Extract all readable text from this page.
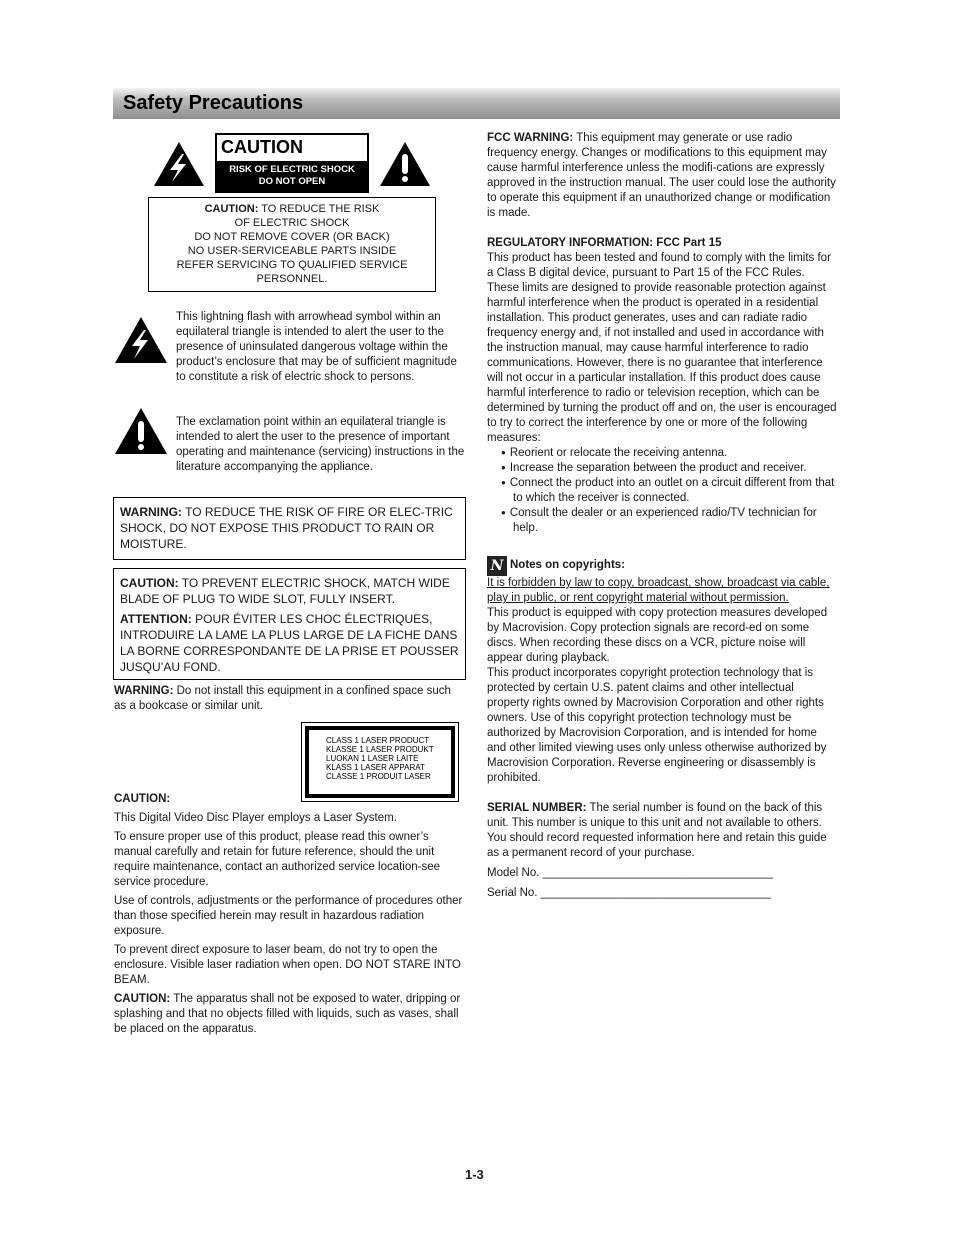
Safety Precautions
CAUTION
RISK OF ELECTRIC SHOCK
DO NOT OPEN
CAUTION: TO REDUCE THE RISK
OF ELECTRIC SHOCK
DO NOT REMOVE COVER (OR BACK)
NO USER-SERVICEABLE PARTS INSIDE
REFER SERVICING TO QUALIFIED SERVICE
PERSONNEL.

This lightning flash with arrowhead symbol within an equilateral triangle is intended to alert the user to the presence of uninsulated dangerous voltage within the product’s enclosure that may be of sufficient magnitude to constitute a risk of electric shock to persons.

The exclamation point within an equilateral triangle is intended to alert the user to the presence of important operating and maintenance (servicing) instructions in the literature accompanying the appliance.

WARNING: TO REDUCE THE RISK OF FIRE OR ELEC-TRIC SHOCK, DO NOT EXPOSE THIS PRODUCT TO RAIN OR MOISTURE.

CAUTION: TO PREVENT ELECTRIC SHOCK, MATCH WIDE BLADE OF PLUG TO WIDE SLOT, FULLY INSERT.

ATTENTION: POUR ÉVITER LES CHOC ÉLECTRIQUES, INTRODUIRE LA LAME LA PLUS LARGE DE LA FICHE DANS LA BORNE CORRESPONDANTE DE LA PRISE ET POUSSER JUSQU’AU FOND.

WARNING: Do not install this equipment in a confined space such as a bookcase or similar unit.

CLASS 1 LASER PRODUCT
KLASSE 1 LASER PRODUKT
LUOKAN 1 LASER LAITE
KLASS 1 LASER APPARAT
CLASSE 1 PRODUIT LASER

CAUTION:

This Digital Video Disc Player employs a Laser System.

To ensure proper use of this product, please read this owner’s manual carefully and retain for future reference, should the unit require maintenance, contact an authorized service location-see service procedure.

Use of controls, adjustments or the performance of procedures other than those specified herein may result in hazardous radiation exposure.

To prevent direct exposure to laser beam, do not try to open the enclosure. Visible laser radiation when open. DO NOT STARE INTO BEAM.

CAUTION: The apparatus shall not be exposed to water, dripping or splashing and that no objects filled with liquids, such as vases, shall be placed on the apparatus.

FCC WARNING: This equipment may generate or use radio frequency energy. Changes or modifications to this equipment may cause harmful interference unless the modifi-cations are expressly approved in the instruction manual. The user could lose the authority to operate this equipment if an unauthorized change or modification is made.

REGULATORY INFORMATION: FCC Part 15

This product has been tested and found to comply with the limits for a Class B digital device, pursuant to Part 15 of the FCC Rules. These limits are designed to provide reasonable protection against harmful interference when the product is operated in a residential installation. This product generates, uses and can radiate radio frequency energy and, if not installed and used in accordance with the instruction manual, may cause harmful interference to radio communications. However, there is no guarantee that interference will not occur in a particular installation. If this product does cause harmful interference to radio or television reception, which can be determined by turning the product off and on, the user is encouraged to try to correct the interference by one or more of the following measures:

● Reorient or relocate the receiving antenna.
● Increase the separation between the product and receiver.
● Connect the product into an outlet on a circuit different from that to which the receiver is connected.
● Consult the dealer or an experienced radio/TV technician for help.

N Notes on copyrights:

It is forbidden by law to copy, broadcast, show, broadcast via cable, play in public, or rent copyright material without permission.

This product is equipped with copy protection measures developed by Macrovision. Copy protection signals are record-ed on some discs. When recording these discs on a VCR, picture noise will appear during playback.

This product incorporates copyright protection technology that is protected by certain U.S. patent claims and other intellectual property rights owned by Macrovision Corporation and other rights owners. Use of this copyright protection technology must be authorized by Macrovision Corporation, and is intended for home and other limited viewing uses only unless otherwise authorized by Macrovision Corporation. Reverse engineering or disassembly is prohibited.

SERIAL NUMBER: The serial number is found on the back of this unit. This number is unique to this unit and not available to others. You should record requested information here and retain this guide as a permanent record of your purchase.

Model No. ____________________________________

Serial No. ____________________________________

1-3
